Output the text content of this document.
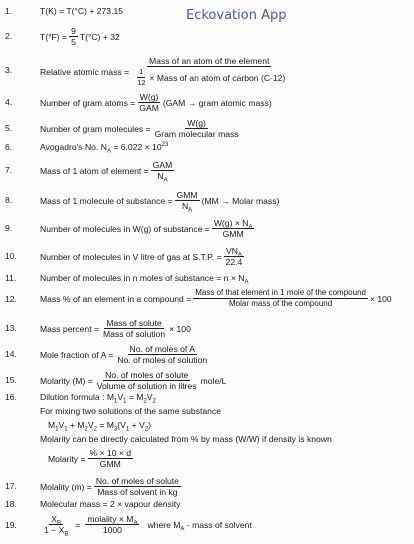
Eckovation App
1.	T(K) = T(°C) + 273.15
2.	$T(^\circ F) = \frac{9}{5} T(^\circ C) + 32$
3.	Relative atomic mass = $\frac{\text{Mass of an atom of the element}}{\frac{1}{12} \times Mass of an atom of carbon (C-12)}$
4.	Number of gram atoms = $\frac{W(g)}{\text{GAM}} (GAM$ → gram atomic mass)
5.	Number of gram molecules = $\frac{W(g)}{\text{Gram molecular mass}}$
6.	Avogadro's No. $N_A = 6.022 \times 10^{23}$
7.	Mass of 1 atom of element = $\frac{\text{GAM}}{N_A}$
8.	Mass of 1 molecule of substance = $\frac{\text{GMM}}{N_A} (MM$ → Molar mass)
9.	Number of molecules in W(g) of substance = $\frac{W(g) \times N_A}{\text{GMM}}$
10.	Number of molecules in V litre of gas at S.T.P. = $\frac{VN_A}{22.4}$
11.	Number of molecules in n moles of substance = $n \times N_A$
12.	Mass % of an element in a compound = $\frac{\text{Mass of that element in 1 mole of the compound}}{\text{Molar mass of the compound}} \times 100$
13.	Mass percent = $\frac{\text{Mass of solute}}{\text{Mass of solution}} \times 100$
14.	Mole fraction of $A = \frac{\text{No. of moles of A}}{\text{No. of moles of solution}}$
15.	Molarity $(M) = \frac{\text{No. of moles of solute}}{\text{Volume of solution in litres}}$ mole/L
16.	Dilution formula : $M_1V_1 = M_2V_2$
For mixing two solutions of the same substance
$M_1V_1 + M_2V_2 = M_3(V_1 + V_2)$
Molarity can be directly calculated from % by mass (W/W) if density is known
Molarity = $\frac{\% \times 10 \times d}{\text{GMM}}$
17.	Molality $(m) = \frac{\text{No. of moles of solute}}{\text{Mass of solvent in kg}}$
18.	Molecular mass = 2 × vapour density
19.	$\frac{X_B}{1 - X_B} = \frac{molality \times M_A}{1000}$ where $M_A$ - mass of solvent
